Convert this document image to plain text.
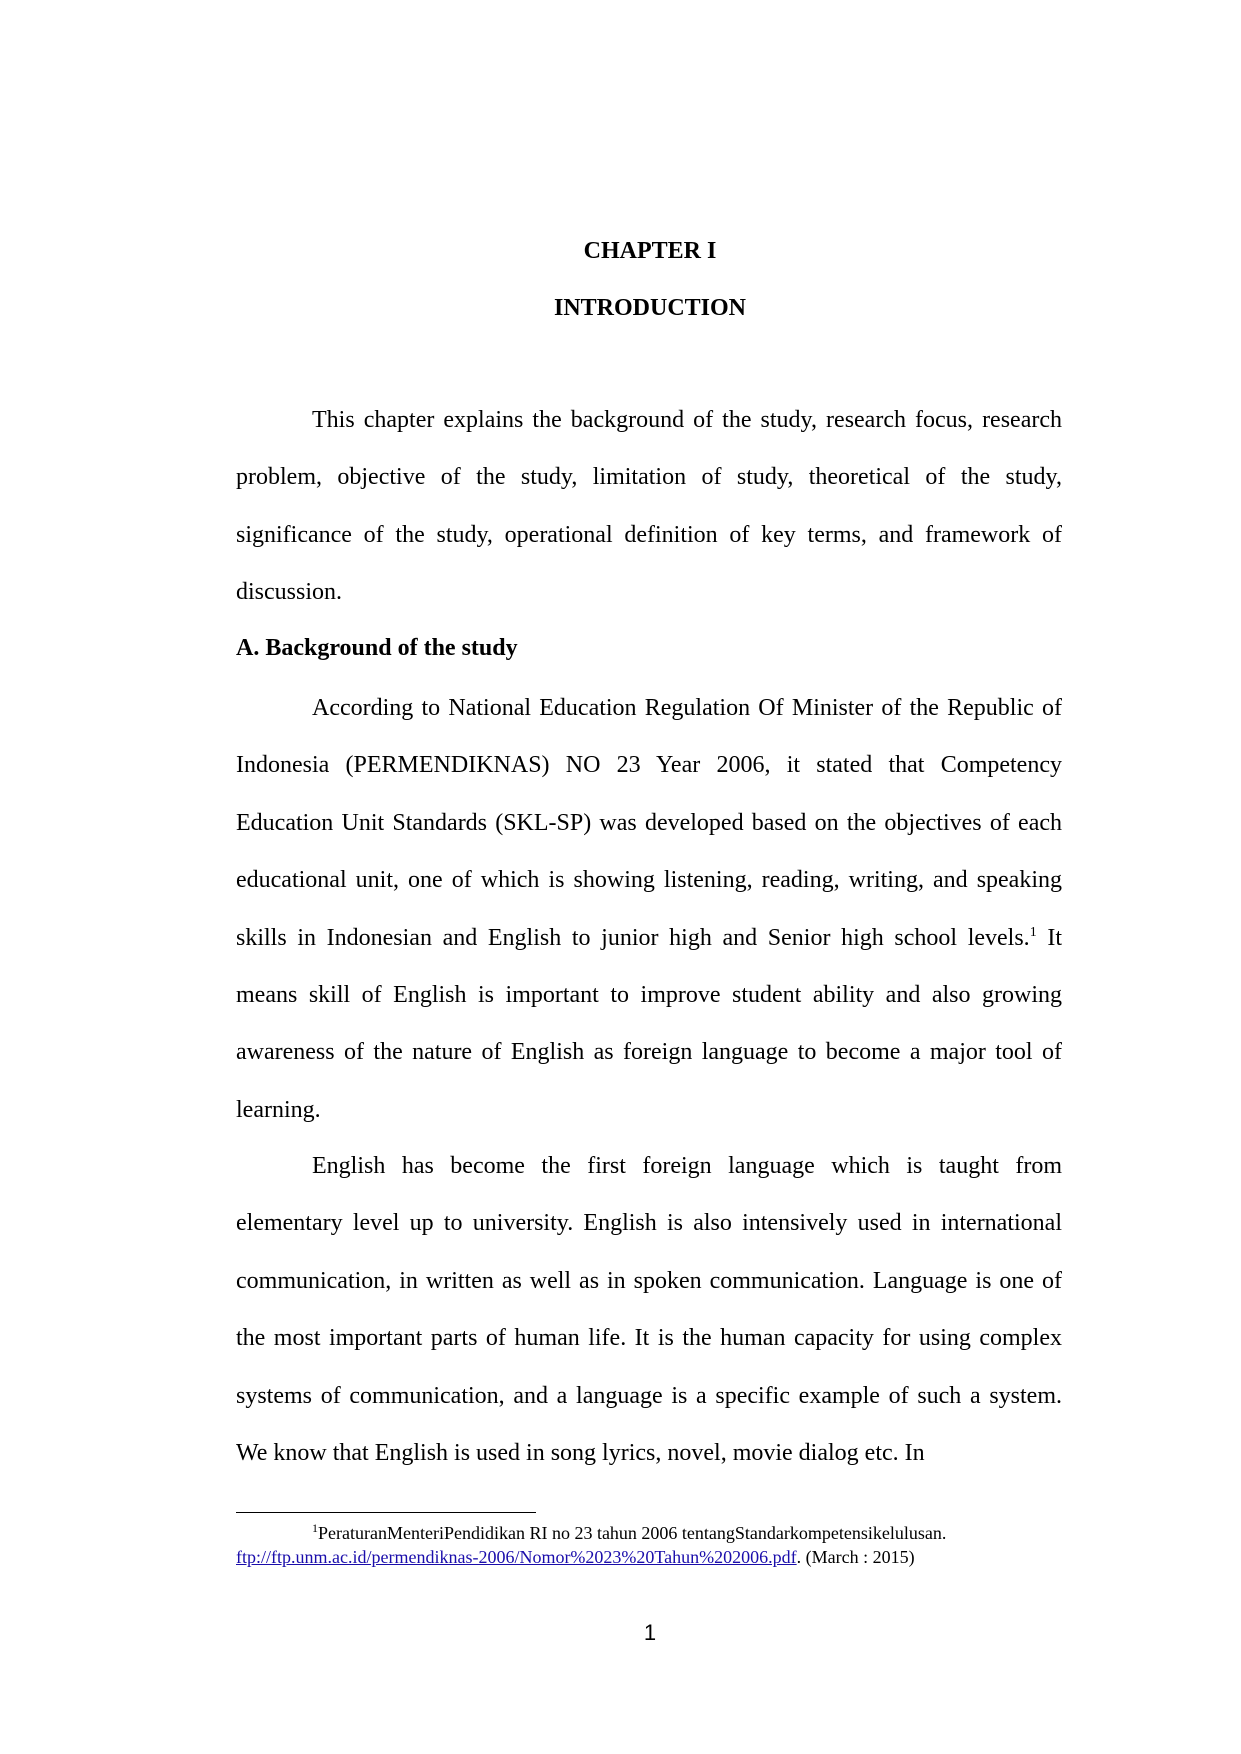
CHAPTER I
INTRODUCTION

This chapter explains the background of the study, research focus, research problem, objective of the study, limitation of study, theoretical of the study, significance of the study, operational definition of key terms, and framework of discussion.

A. Background of the study

According to National Education Regulation Of Minister of the Republic of Indonesia (PERMENDIKNAS) NO 23 Year 2006, it stated that Competency Education Unit Standards (SKL-SP) was developed based on the objectives of each educational unit, one of which is showing listening, reading, writing, and speaking skills in Indonesian and English to junior high and Senior high school levels.$^1$ It means skill of English is important to improve student ability and also growing awareness of the nature of English as foreign language to become a major tool of learning.

English has become the first foreign language which is taught from elementary level up to university. English is also intensively used in international communication, in written as well as in spoken communication. Language is one of the most important parts of human life. It is the human capacity for using complex systems of communication, and a language is a specific example of such a system. We know that English is used in song lyrics, novel, movie dialog etc. In

$^1$PeraturanMenteriPendidikan RI no 23 tahun 2006 tentangStandarkompetensikelulusan.
ftp://ftp.unm.ac.id/permendiknas-2006/Nomor%2023%20Tahun%202006.pdf. (March : 2015)
1
